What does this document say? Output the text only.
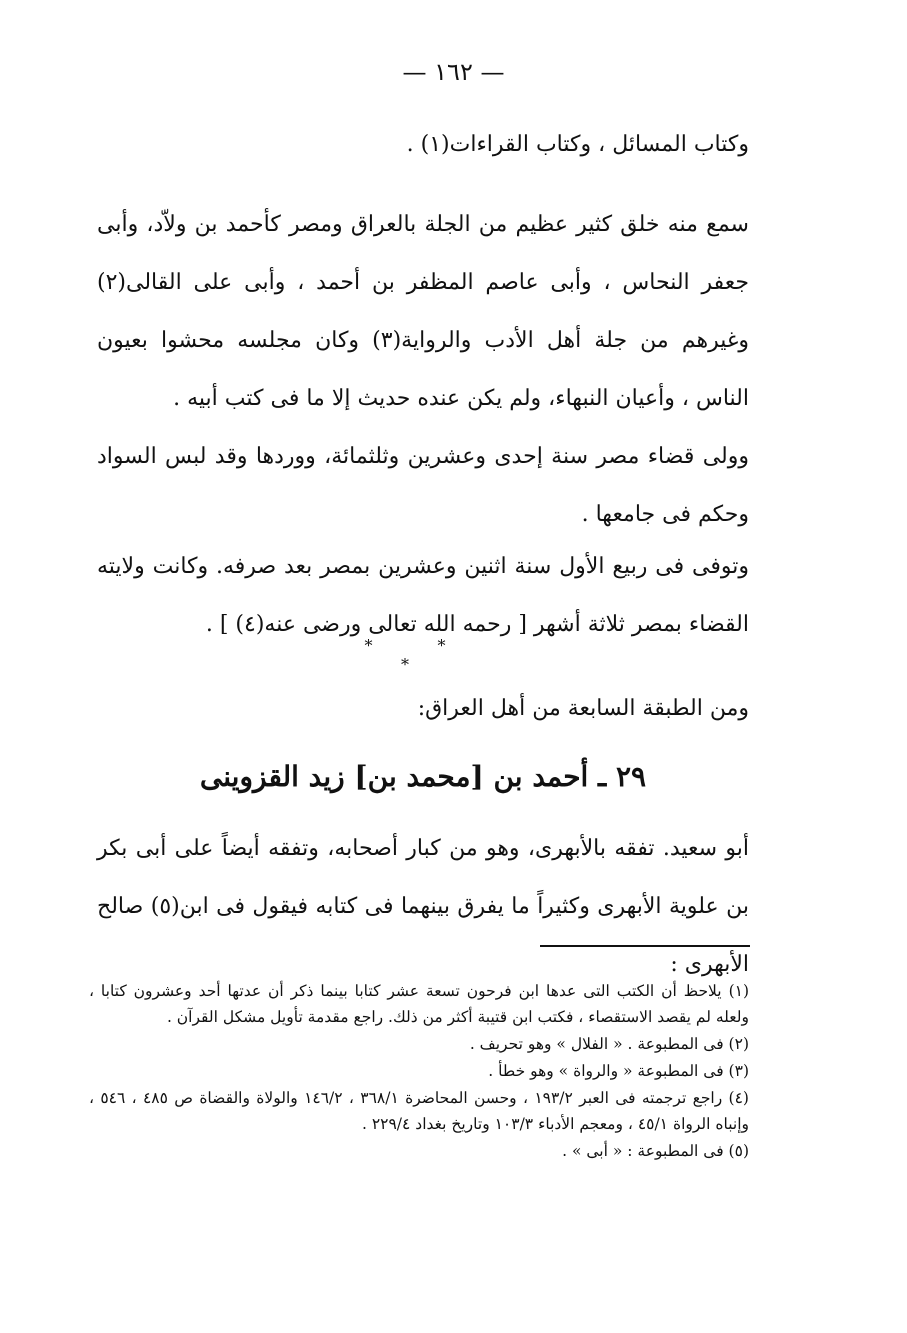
— ١٦٢ —

وكتاب المسائل ، وكتاب القراءات(١) .

سمع منه خلق كثير عظيم من الجلة بالعراق ومصر كأحمد بن ولاّد، وأبى جعفر النحاس ، وأبى عاصم المظفر بن أحمد ، وأبى على القالى(٢) وغيرهم من جلة أهل الأدب والرواية(٣) وكان مجلسه محشوا بعيون الناس ، وأعيان النبهاء، ولم يكن عنده حديث إلا ما فى كتب أبيه .

وولى قضاء مصر سنة إحدى وعشرين وثلثمائة، ووردها وقد لبس السواد وحكم فى جامعها .

وتوفى فى ربيع الأول سنة اثنين وعشرين بمصر بعد صرفه. وكانت ولايته القضاء بمصر ثلاثة أشهر [ رحمه الله تعالى ورضى عنه(٤) ] .

* * *

ومن الطبقة السابعة من أهل العراق:

٢٩ ـ أحمد بن [محمد بن] زيد القزوينى

أبو سعيد. تفقه بالأبهرى، وهو من كبار أصحابه، وتفقه أيضاً على أبى بكر بن علوية الأبهرى وكثيراً ما يفرق بينهما فى كتابه فيقول فى ابن(٥) صالح الأبهرى :

(١) يلاحظ أن الكتب التى عدها ابن فرحون تسعة عشر كتابا بينما ذكر أن عدتها أحد وعشرون كتابا ، ولعله لم يقصد الاستقصاء ، فكتب ابن قتيبة أكثر من ذلك. راجع مقدمة تأويل مشكل القرآن .

(٢) فى المطبوعة . « الفلال » وهو تحريف .

(٣) فى المطبوعة « والرواة » وهو خطأ .

(٤) راجع ترجمته فى العبر ١٩٣/٢ ، وحسن المحاضرة ٣٦٨/١ ، ١٤٦/٢ والولاة والقضاة ص ٤٨٥ ، ٥٤٦ ، وإنباه الرواة ٤٥/١ ، ومعجم الأدباء ١٠٣/٣ وتاريخ بغداد ٢٢٩/٤ .

(٥) فى المطبوعة : « أبى » .
